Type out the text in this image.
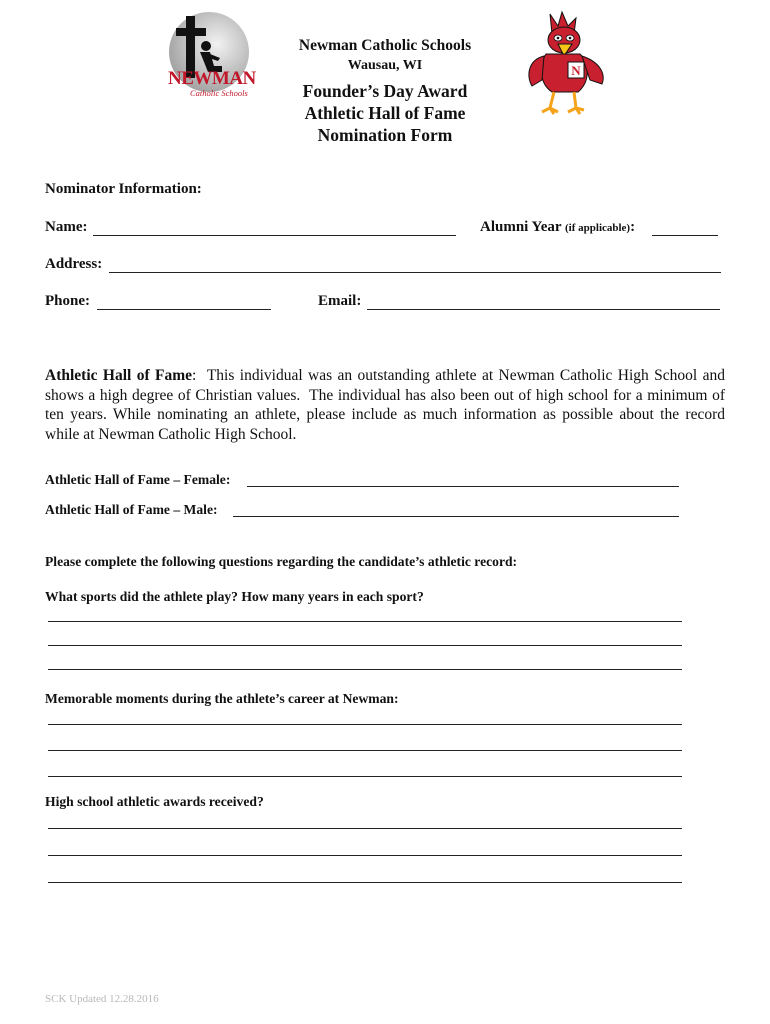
NEWMAN
Catholic Schools
N
Newman Catholic Schools
Wausau, WI
Founder’s Day Award
Athletic Hall of Fame
Nomination Form
Nominator Information:
Name:	Alumni Year (if applicable):
Address:
Phone:	Email:
Athletic Hall of Fame:  This individual was an outstanding athlete at Newman Catholic High School and shows a high degree of Christian values.  The individual has also been out of high school for a minimum of ten years. While nominating an athlete, please include as much information as possible about the record while at Newman Catholic High School.
Athletic Hall of Fame – Female:
Athletic Hall of Fame – Male:
Please complete the following questions regarding the candidate’s athletic record:
What sports did the athlete play? How many years in each sport?
Memorable moments during the athlete’s career at Newman:
High school athletic awards received?
SCK Updated 12.28.2016
